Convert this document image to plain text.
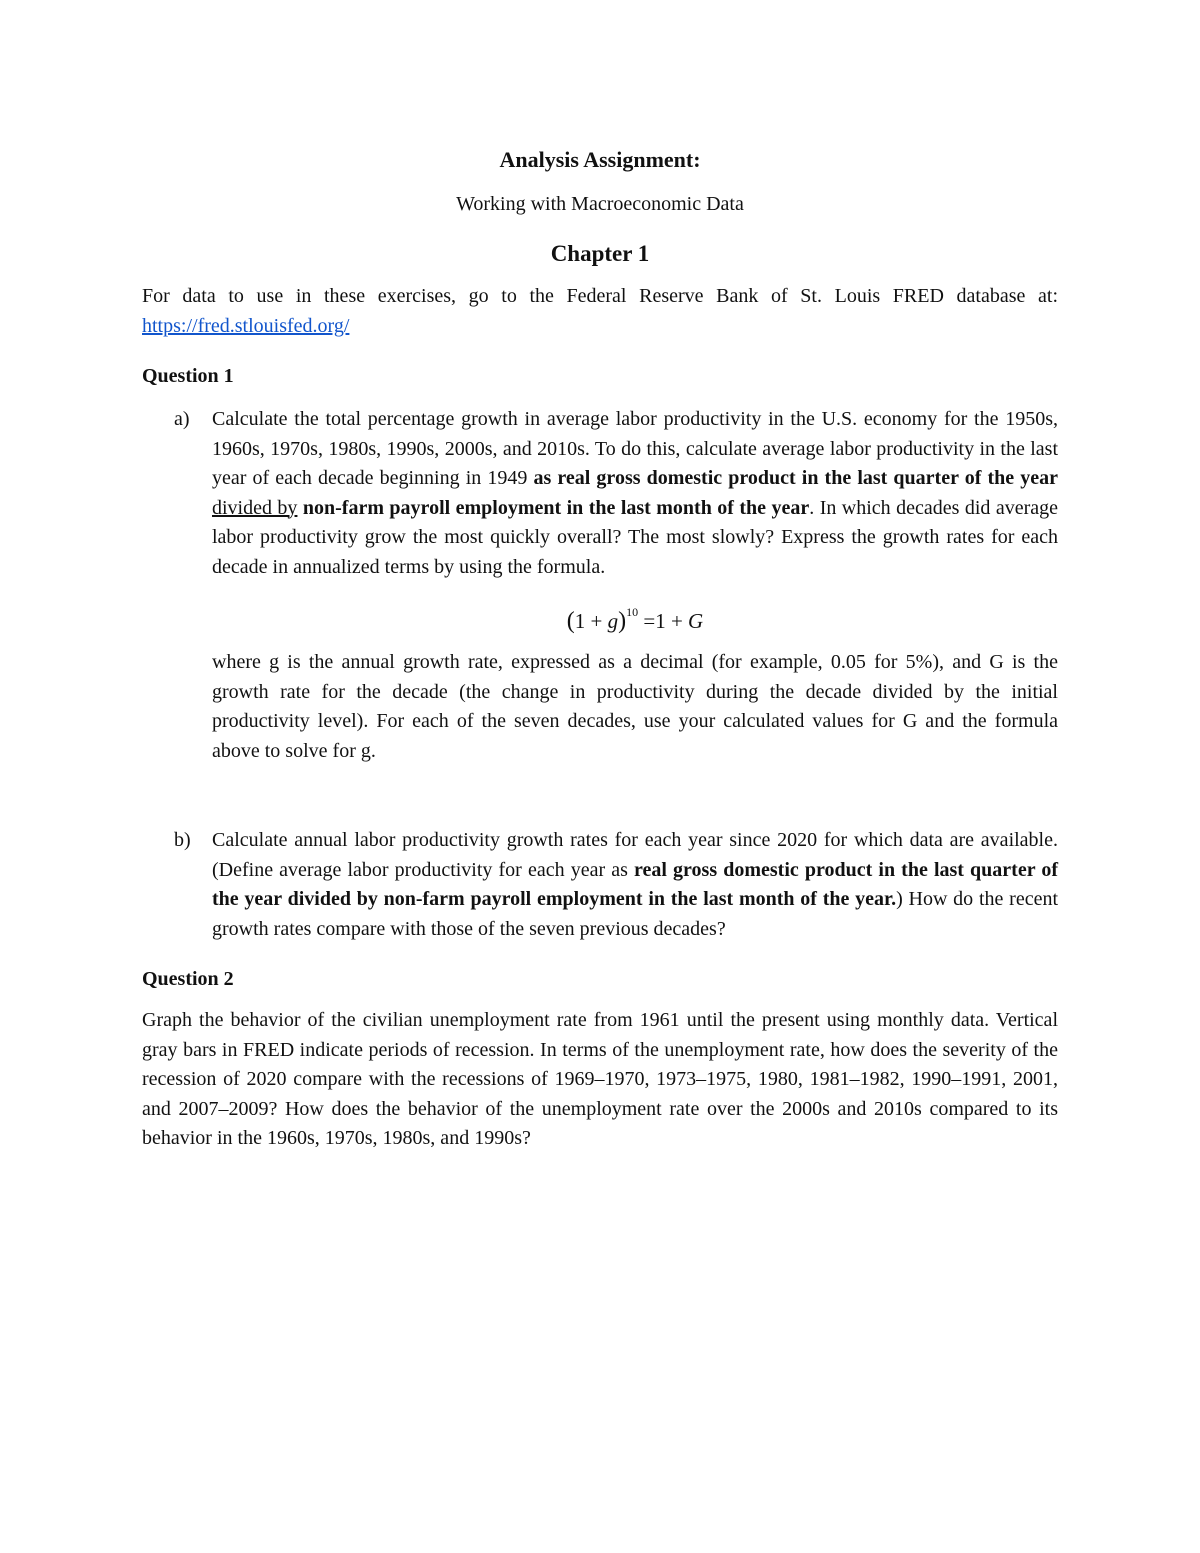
Analysis Assignment:
Working with Macroeconomic Data
Chapter 1

For data to use in these exercises, go to the Federal Reserve Bank of St. Louis FRED database at: https://fred.stlouisfed.org/

Question 1

a) Calculate the total percentage growth in average labor productivity in the U.S. economy for the 1950s, 1960s, 1970s, 1980s, 1990s, 2000s, and 2010s. To do this, calculate average labor productivity in the last year of each decade beginning in 1949 as real gross domestic product in the last quarter of the year divided by non-farm payroll employment in the last month of the year. In which decades did average labor productivity grow the most quickly overall? The most slowly? Express the growth rates for each decade in annualized terms by using the formula.

$(1 + g)^{10} =1 + G$

where g is the annual growth rate, expressed as a decimal (for example, 0.05 for 5%), and G is the growth rate for the decade (the change in productivity during the decade divided by the initial productivity level). For each of the seven decades, use your calculated values for G and the formula above to solve for g.

b) Calculate annual labor productivity growth rates for each year since 2020 for which data are available. (Define average labor productivity for each year as real gross domestic product in the last quarter of the year divided by non-farm payroll employment in the last month of the year.) How do the recent growth rates compare with those of the seven previous decades?

Question 2

Graph the behavior of the civilian unemployment rate from 1961 until the present using monthly data. Vertical gray bars in FRED indicate periods of recession. In terms of the unemployment rate, how does the severity of the recession of 2020 compare with the recessions of 1969–1970, 1973–1975, 1980, 1981–1982, 1990–1991, 2001, and 2007–2009? How does the behavior of the unemployment rate over the 2000s and 2010s compared to its behavior in the 1960s, 1970s, 1980s, and 1990s?
